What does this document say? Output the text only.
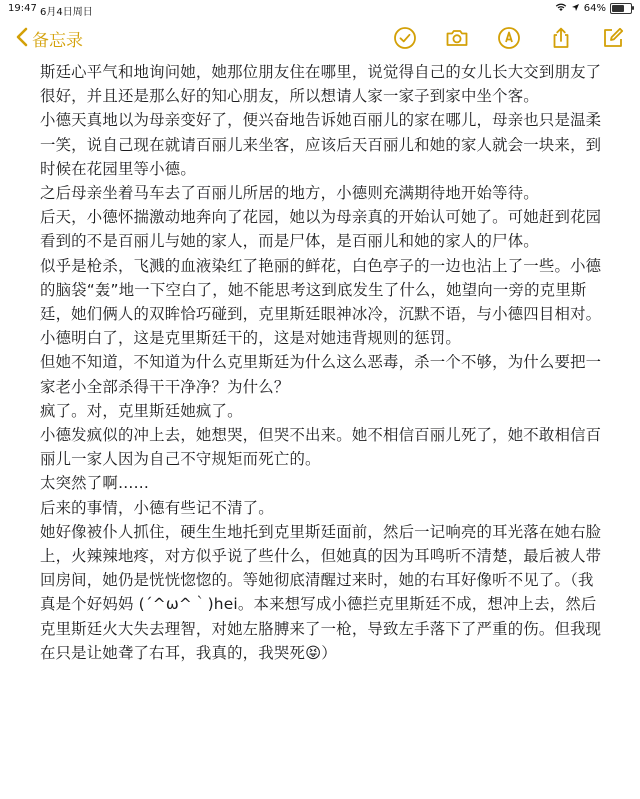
19:47 6月4日周日	64%
备忘录

斯廷心平气和地询问她，她那位朋友住在哪里，说觉得自己的女儿长大交到朋友了很好，并且还是那么好的知心朋友，所以想请人家一家子到家中坐个客。

小德天真地以为母亲变好了，便兴奋地告诉她百丽儿的家在哪儿，母亲也只是温柔一笑，说自己现在就请百丽儿来坐客，应该后天百丽儿和她的家人就会一块来，到时候在花园里等小德。

之后母亲坐着马车去了百丽儿所居的地方，小德则充满期待地开始等待。

后天，小德怀揣激动地奔向了花园，她以为母亲真的开始认可她了。可她赶到花园看到的不是百丽儿与她的家人，而是尸体，是百丽儿和她的家人的尸体。

似乎是枪杀，飞溅的血液染红了艳丽的鲜花，白色亭子的一边也沾上了一些。小德的脑袋“轰”地一下空白了，她不能思考这到底发生了什么，她望向一旁的克里斯廷，她们俩人的双眸恰巧碰到，克里斯廷眼神冰冷，沉默不语，与小德四目相对。

小德明白了，这是克里斯廷干的，这是对她违背规则的惩罚。

但她不知道，不知道为什么克里斯廷为什么这么恶毒，杀一个不够，为什么要把一家老小全部杀得干干净净？为什么？

疯了。对，克里斯廷她疯了。

小德发疯似的冲上去，她想哭，但哭不出来。她不相信百丽儿死了，她不敢相信百丽儿一家人因为自己不守规矩而死亡的。

太突然了啊……

后来的事情，小德有些记不清了。

她好像被仆人抓住，硬生生地托到克里斯廷面前，然后一记响亮的耳光落在她右脸上，火辣辣地疼，对方似乎说了些什么，但她真的因为耳鸣听不清楚，最后被人带回房间，她仍是恍恍惚惚的。等她彻底清醒过来时，她的右耳好像听不见了。（我真是个好妈妈 (´^ω^｀)hei。本来想写成小德拦克里斯廷不成，想冲上去，然后克里斯廷火大失去理智，对她左胳膊来了一枪，导致左手落下了严重的伤。但我现在只是让她聋了右耳，我真的，我哭死😝）
